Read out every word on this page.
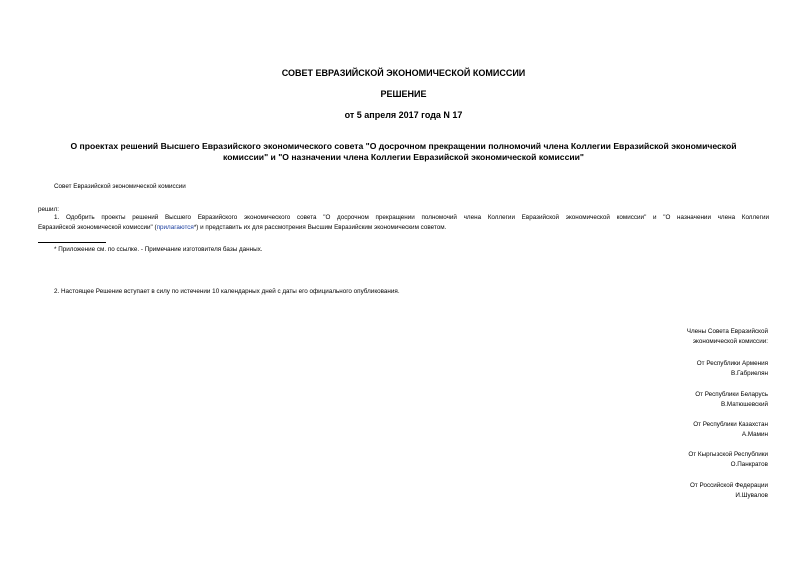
СОВЕТ ЕВРАЗИЙСКОЙ ЭКОНОМИЧЕСКОЙ КОМИССИИ
РЕШЕНИЕ
от 5 апреля 2017 года N 17
О проектах решений Высшего Евразийского экономического совета "О досрочном прекращении полномочий члена Коллегии Евразийской экономической
комиссии" и "О назначении члена Коллегии Евразийской экономической комиссии"
Совет Евразийской экономической комиссии
решил:
1. Одобрить проекты решений Высшего Евразийского экономического совета "О досрочном прекращении полномочий члена Коллегии Евразийской экономической комиссии" и "О назначении члена Коллегии
Евразийской экономической комиссии" (прилагаются*) и представить их для рассмотрения Высшим Евразийским экономическим советом.
* Приложение см. по ссылке. - Примечание изготовителя базы данных.
2. Настоящее Решение вступает в силу по истечении 10 календарных дней с даты его официального опубликования.
Члены Совета Евразийской
экономической комиссии:
От Республики Армения
В.Габриелян
От Республики Беларусь
В.Матюшевский
От Республики Казахстан
А.Мамин
От Кыргызской Республики
О.Панкратов
От Российской Федерации
И.Шувалов
